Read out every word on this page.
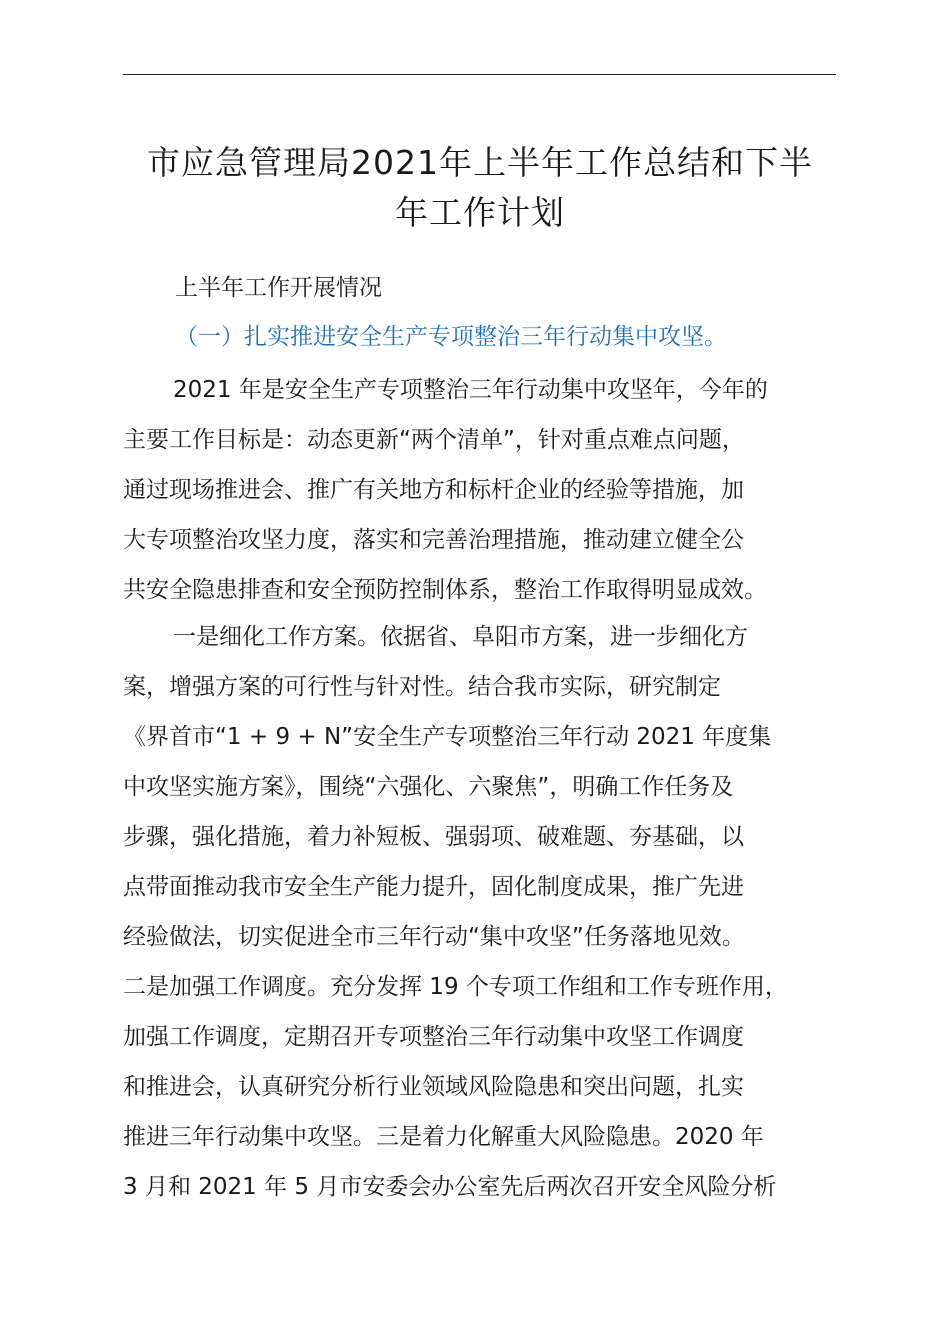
市应急管理局2021年上半年工作总结和下半
年工作计划

上半年工作开展情况

（一）扎实推进安全生产专项整治三年行动集中攻坚。

2021 年是安全生产专项整治三年行动集中攻坚年，今年的
主要工作目标是：动态更新“两个清单”，针对重点难点问题，
通过现场推进会、推广有关地方和标杆企业的经验等措施，加
大专项整治攻坚力度，落实和完善治理措施，推动建立健全公
共安全隐患排查和安全预防控制体系，整治工作取得明显成效。
一是细化工作方案。依据省、阜阳市方案，进一步细化方
案，增强方案的可行性与针对性。结合我市实际，研究制定
《界首市“1 + 9 + N”安全生产专项整治三年行动 2021 年度集
中攻坚实施方案》，围绕“六强化、六聚焦”，明确工作任务及
步骤，强化措施，着力补短板、强弱项、破难题、夯基础，以
点带面推动我市安全生产能力提升，固化制度成果，推广先进
经验做法，切实促进全市三年行动“集中攻坚”任务落地见效。
二是加强工作调度。充分发挥 19 个专项工作组和工作专班作用，
加强工作调度，定期召开专项整治三年行动集中攻坚工作调度
和推进会，认真研究分析行业领域风险隐患和突出问题，扎实
推进三年行动集中攻坚。三是着力化解重大风险隐患。2020 年
3 月和 2021 年 5 月市安委会办公室先后两次召开安全风险分析
